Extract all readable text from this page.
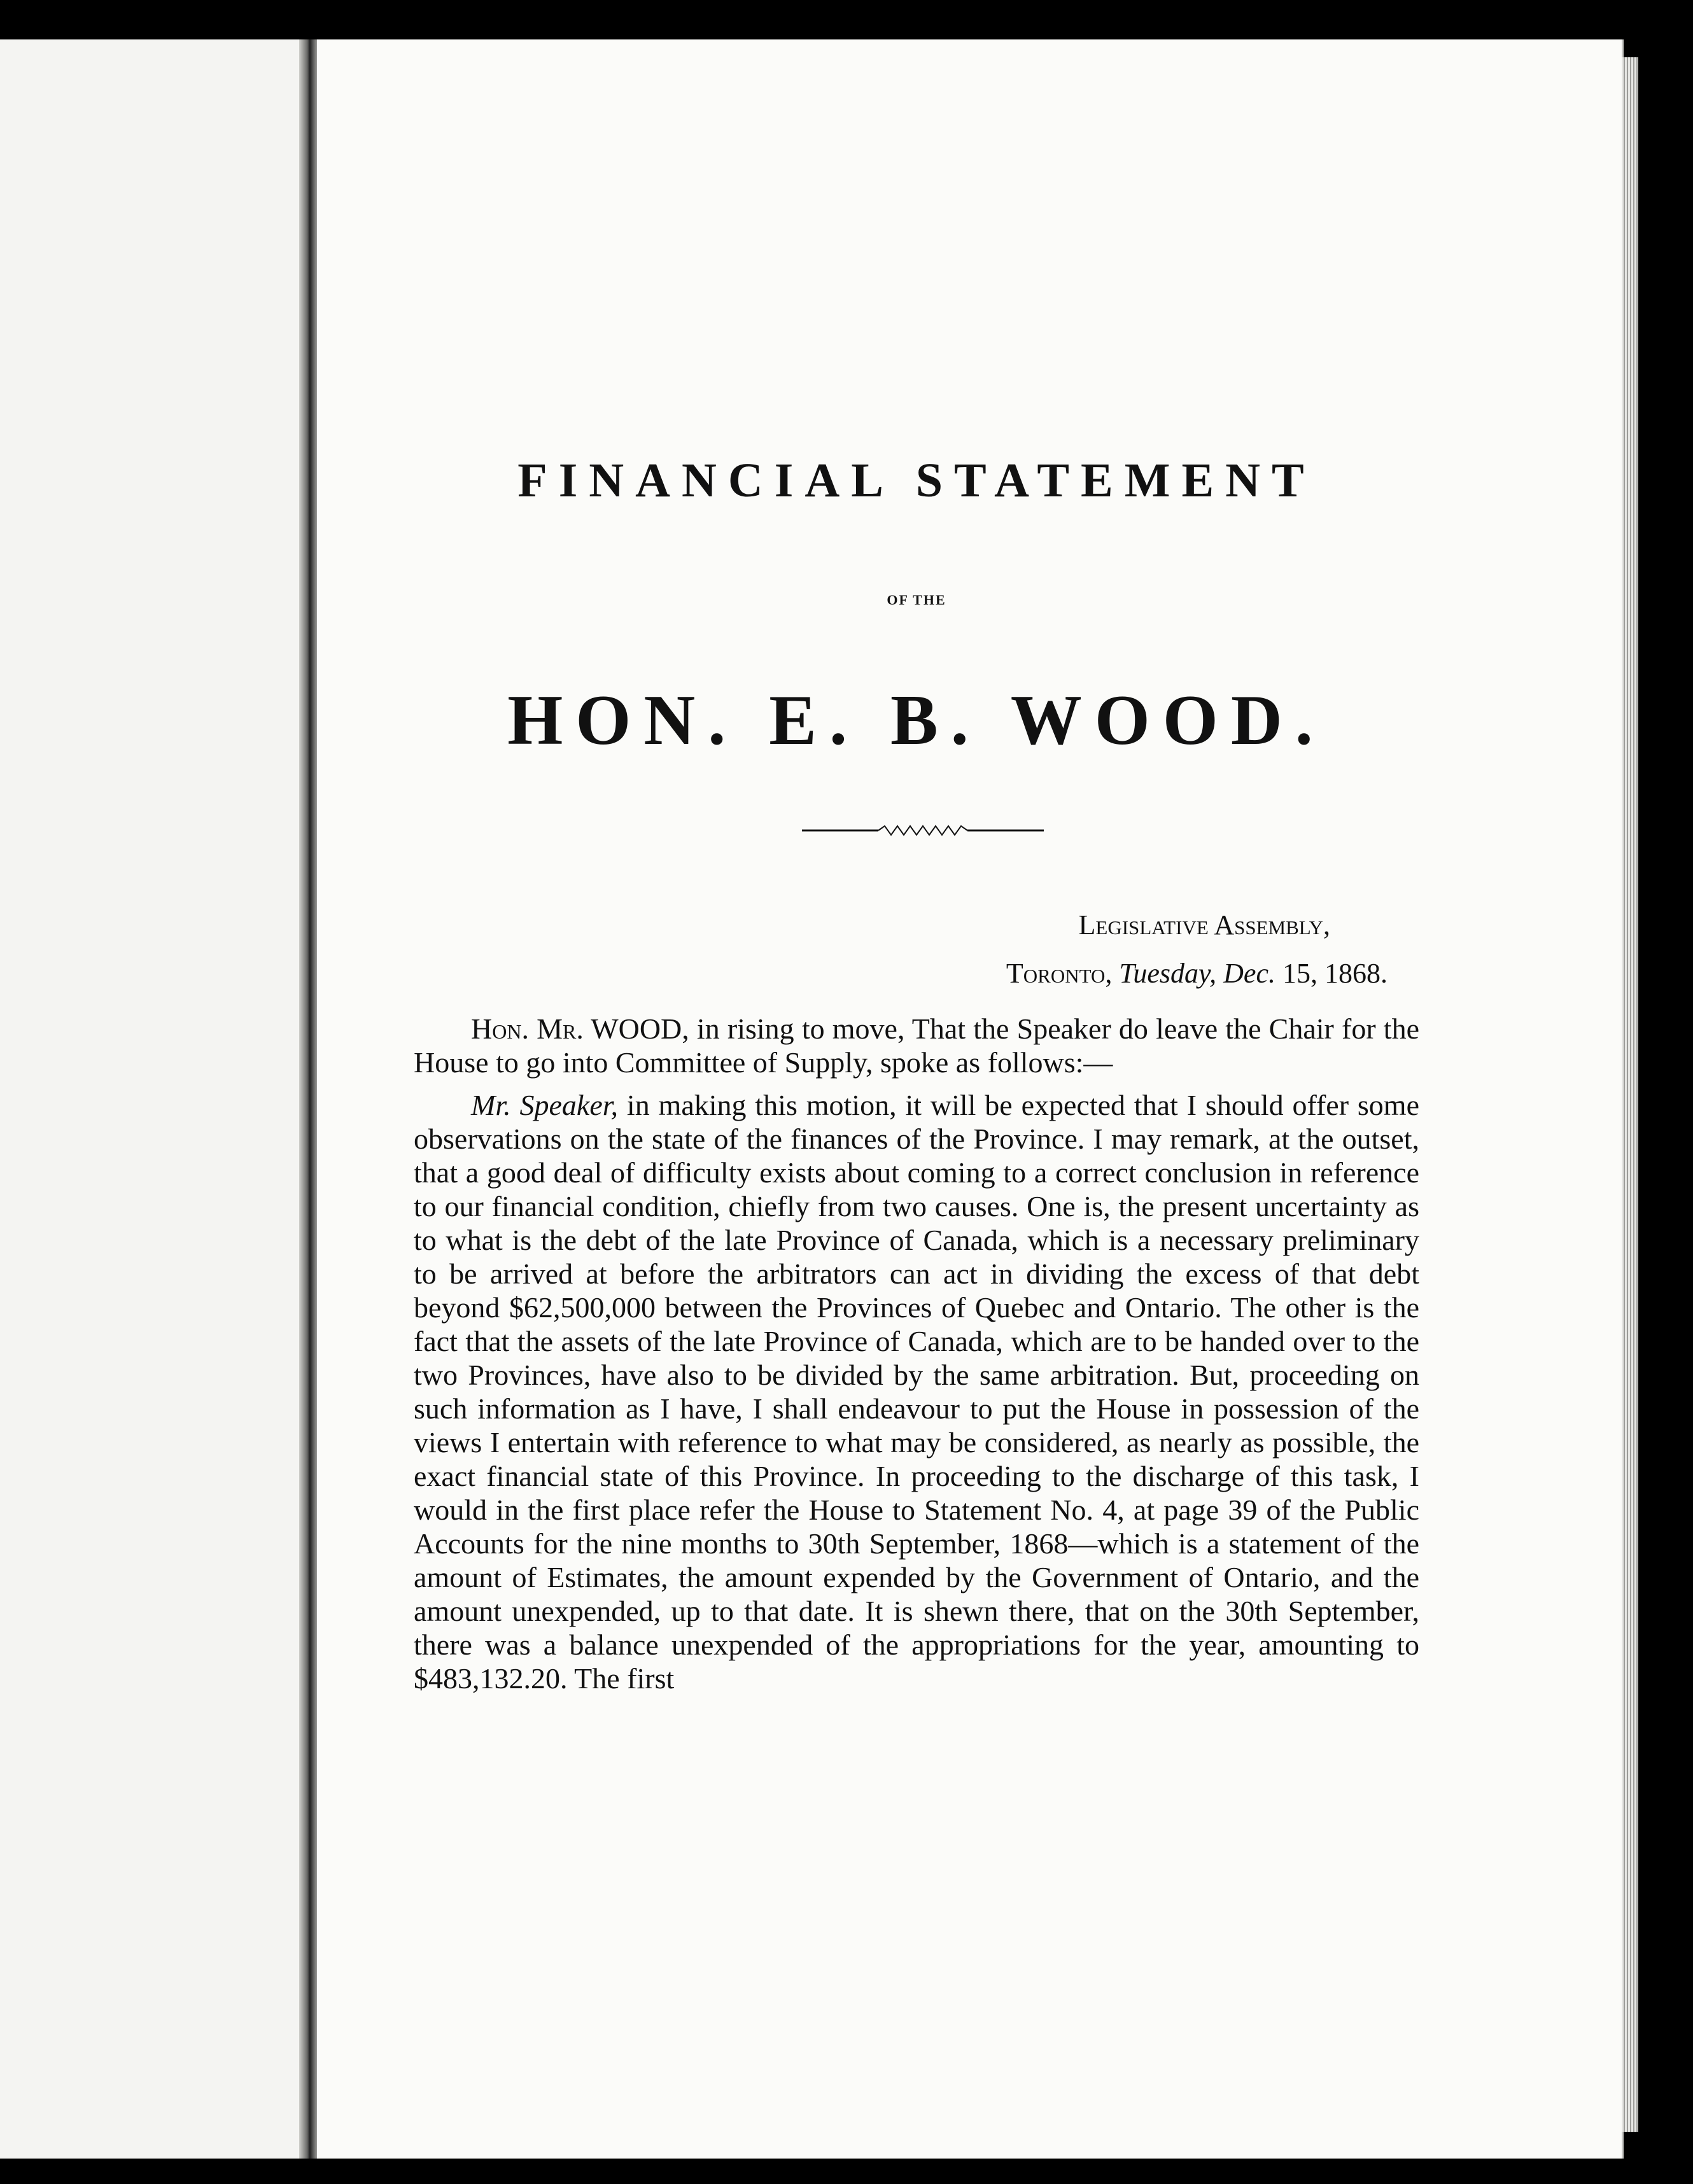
FINANCIAL STATEMENT
OF THE
HON. E. B. WOOD.
Legislative Assembly,
Toronto, Tuesday, Dec. 15, 1868.

Hon. Mr. WOOD, in rising to move, That the Speaker do leave the Chair for the House to go into Committee of Supply, spoke as follows:—

Mr. Speaker, in making this motion, it will be expected that I should offer some observations on the state of the finances of the Province. I may remark, at the outset, that a good deal of difficulty exists about coming to a correct conclusion in reference to our financial condition, chiefly from two causes. One is, the present uncertainty as to what is the debt of the late Province of Canada, which is a necessary preliminary to be arrived at before the arbitrators can act in dividing the excess of that debt beyond $62,500,000 between the Provinces of Quebec and Ontario. The other is the fact that the assets of the late Province of Canada, which are to be handed over to the two Provinces, have also to be divided by the same arbitration. But, proceeding on such information as I have, I shall endeavour to put the House in possession of the views I entertain with reference to what may be considered, as nearly as possible, the exact financial state of this Province. In proceeding to the discharge of this task, I would in the first place refer the House to Statement No. 4, at page 39 of the Public Accounts for the nine months to 30th September, 1868—which is a statement of the amount of Estimates, the amount expended by the Government of Ontario, and the amount unexpended, up to that date. It is shewn there, that on the 30th September, there was a balance unexpended of the appropriations for the year, amounting to $483,132.20. The first
